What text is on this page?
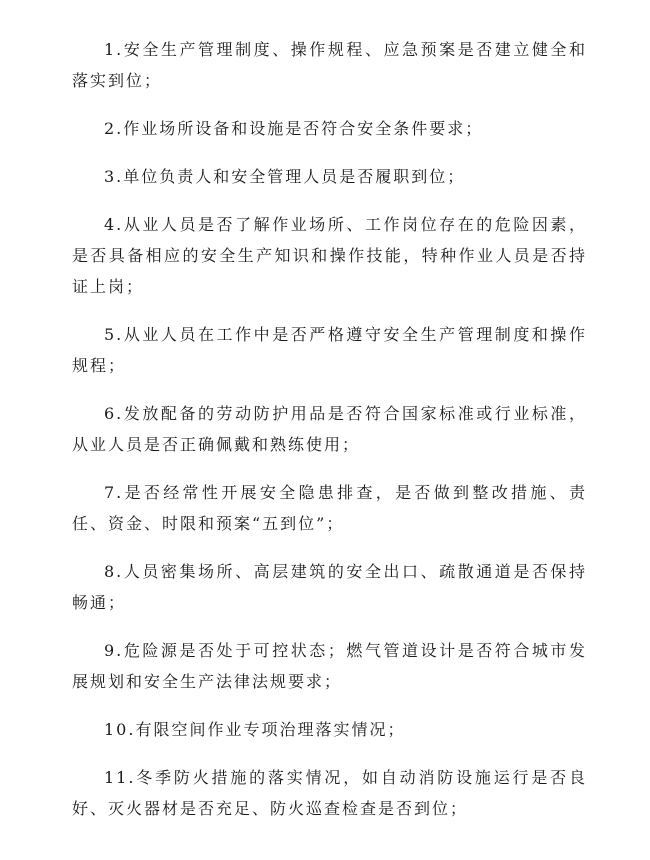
1.安全生产管理制度、操作规程、应急预案是否建立健全和落实到位；

2.作业场所设备和设施是否符合安全条件要求；

3.单位负责人和安全管理人员是否履职到位；

4.从业人员是否了解作业场所、工作岗位存在的危险因素，是否具备相应的安全生产知识和操作技能，特种作业人员是否持证上岗；

5.从业人员在工作中是否严格遵守安全生产管理制度和操作规程；

6.发放配备的劳动防护用品是否符合国家标准或行业标准，从业人员是否正确佩戴和熟练使用；

7.是否经常性开展安全隐患排查，是否做到整改措施、责任、资金、时限和预案“五到位”；

8.人员密集场所、高层建筑的安全出口、疏散通道是否保持畅通；

9.危险源是否处于可控状态；燃气管道设计是否符合城市发展规划和安全生产法律法规要求；

10.有限空间作业专项治理落实情况；

11.冬季防火措施的落实情况，如自动消防设施运行是否良好、灭火器材是否充足、防火巡查检查是否到位；
